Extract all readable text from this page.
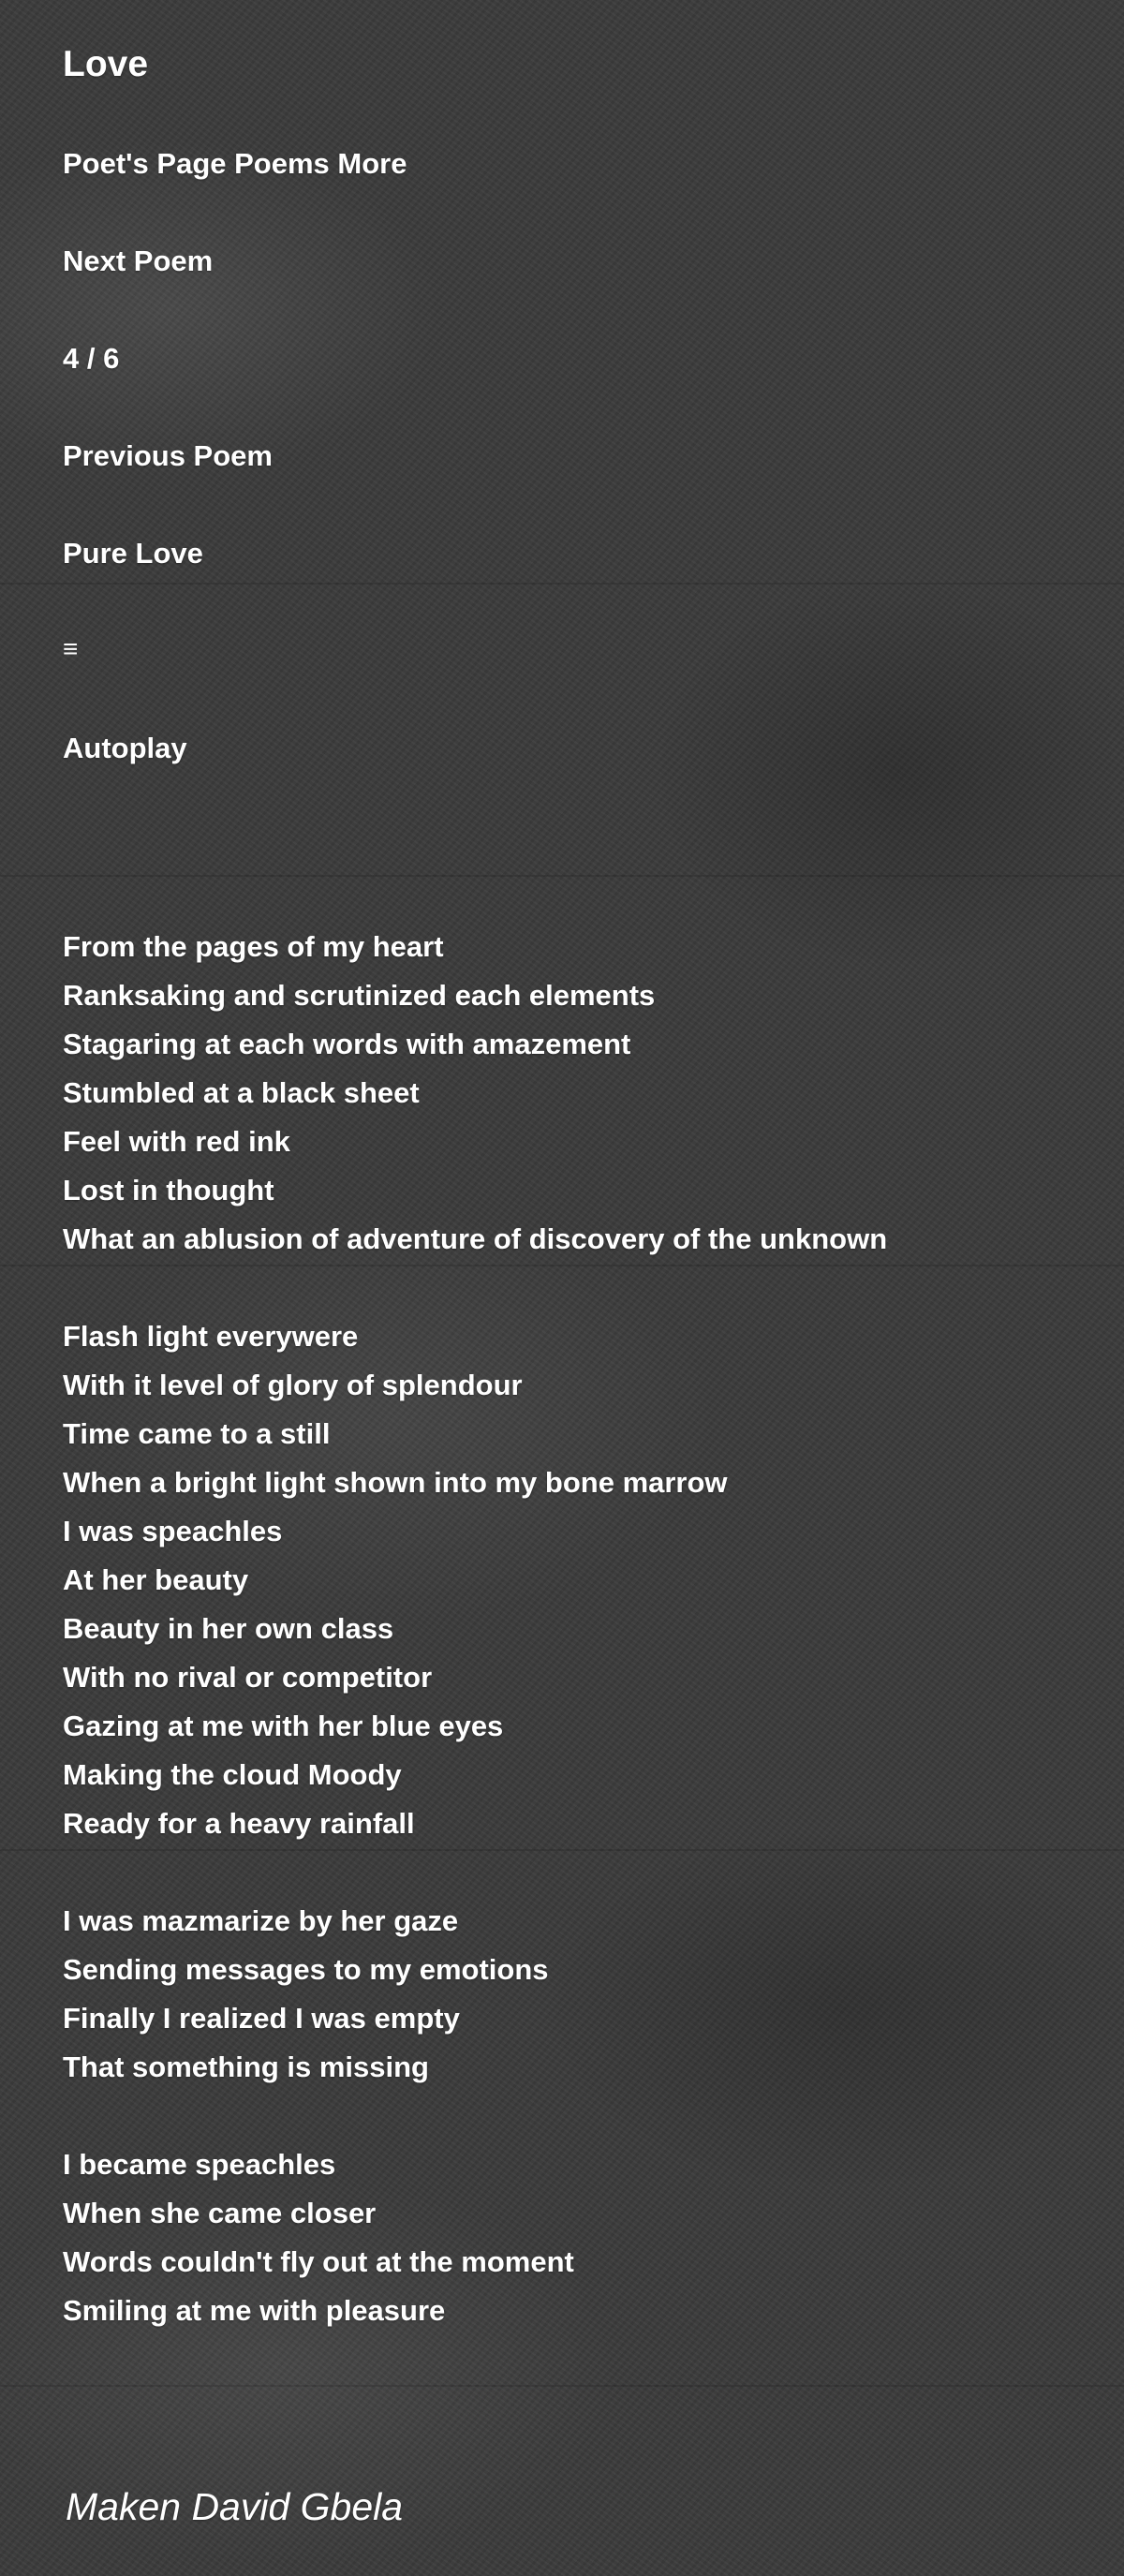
Love
Poet's Page Poems More
Next Poem
4 / 6
Previous Poem
Pure Love
≡
Autoplay
From the pages of my heart
Ranksaking and scrutinized each elements
Stagaring at each words with amazement
Stumbled at a black sheet
Feel with red ink
Lost in thought
What an ablusion of adventure of discovery of the unknown
Flash light everywere
With it level of glory of splendour
Time came to a still
When a bright light shown into my bone marrow
I was speachles
At her beauty
Beauty in her own class
With no rival or competitor
Gazing at me with her blue eyes
Making the cloud Moody
Ready for a heavy rainfall
I was mazmarize by her gaze
Sending messages to my emotions
Finally I realized I was empty
That something is missing
I became speachles
When she came closer
Words couldn't fly out at the moment
Smiling at me with pleasure
Maken David Gbela
